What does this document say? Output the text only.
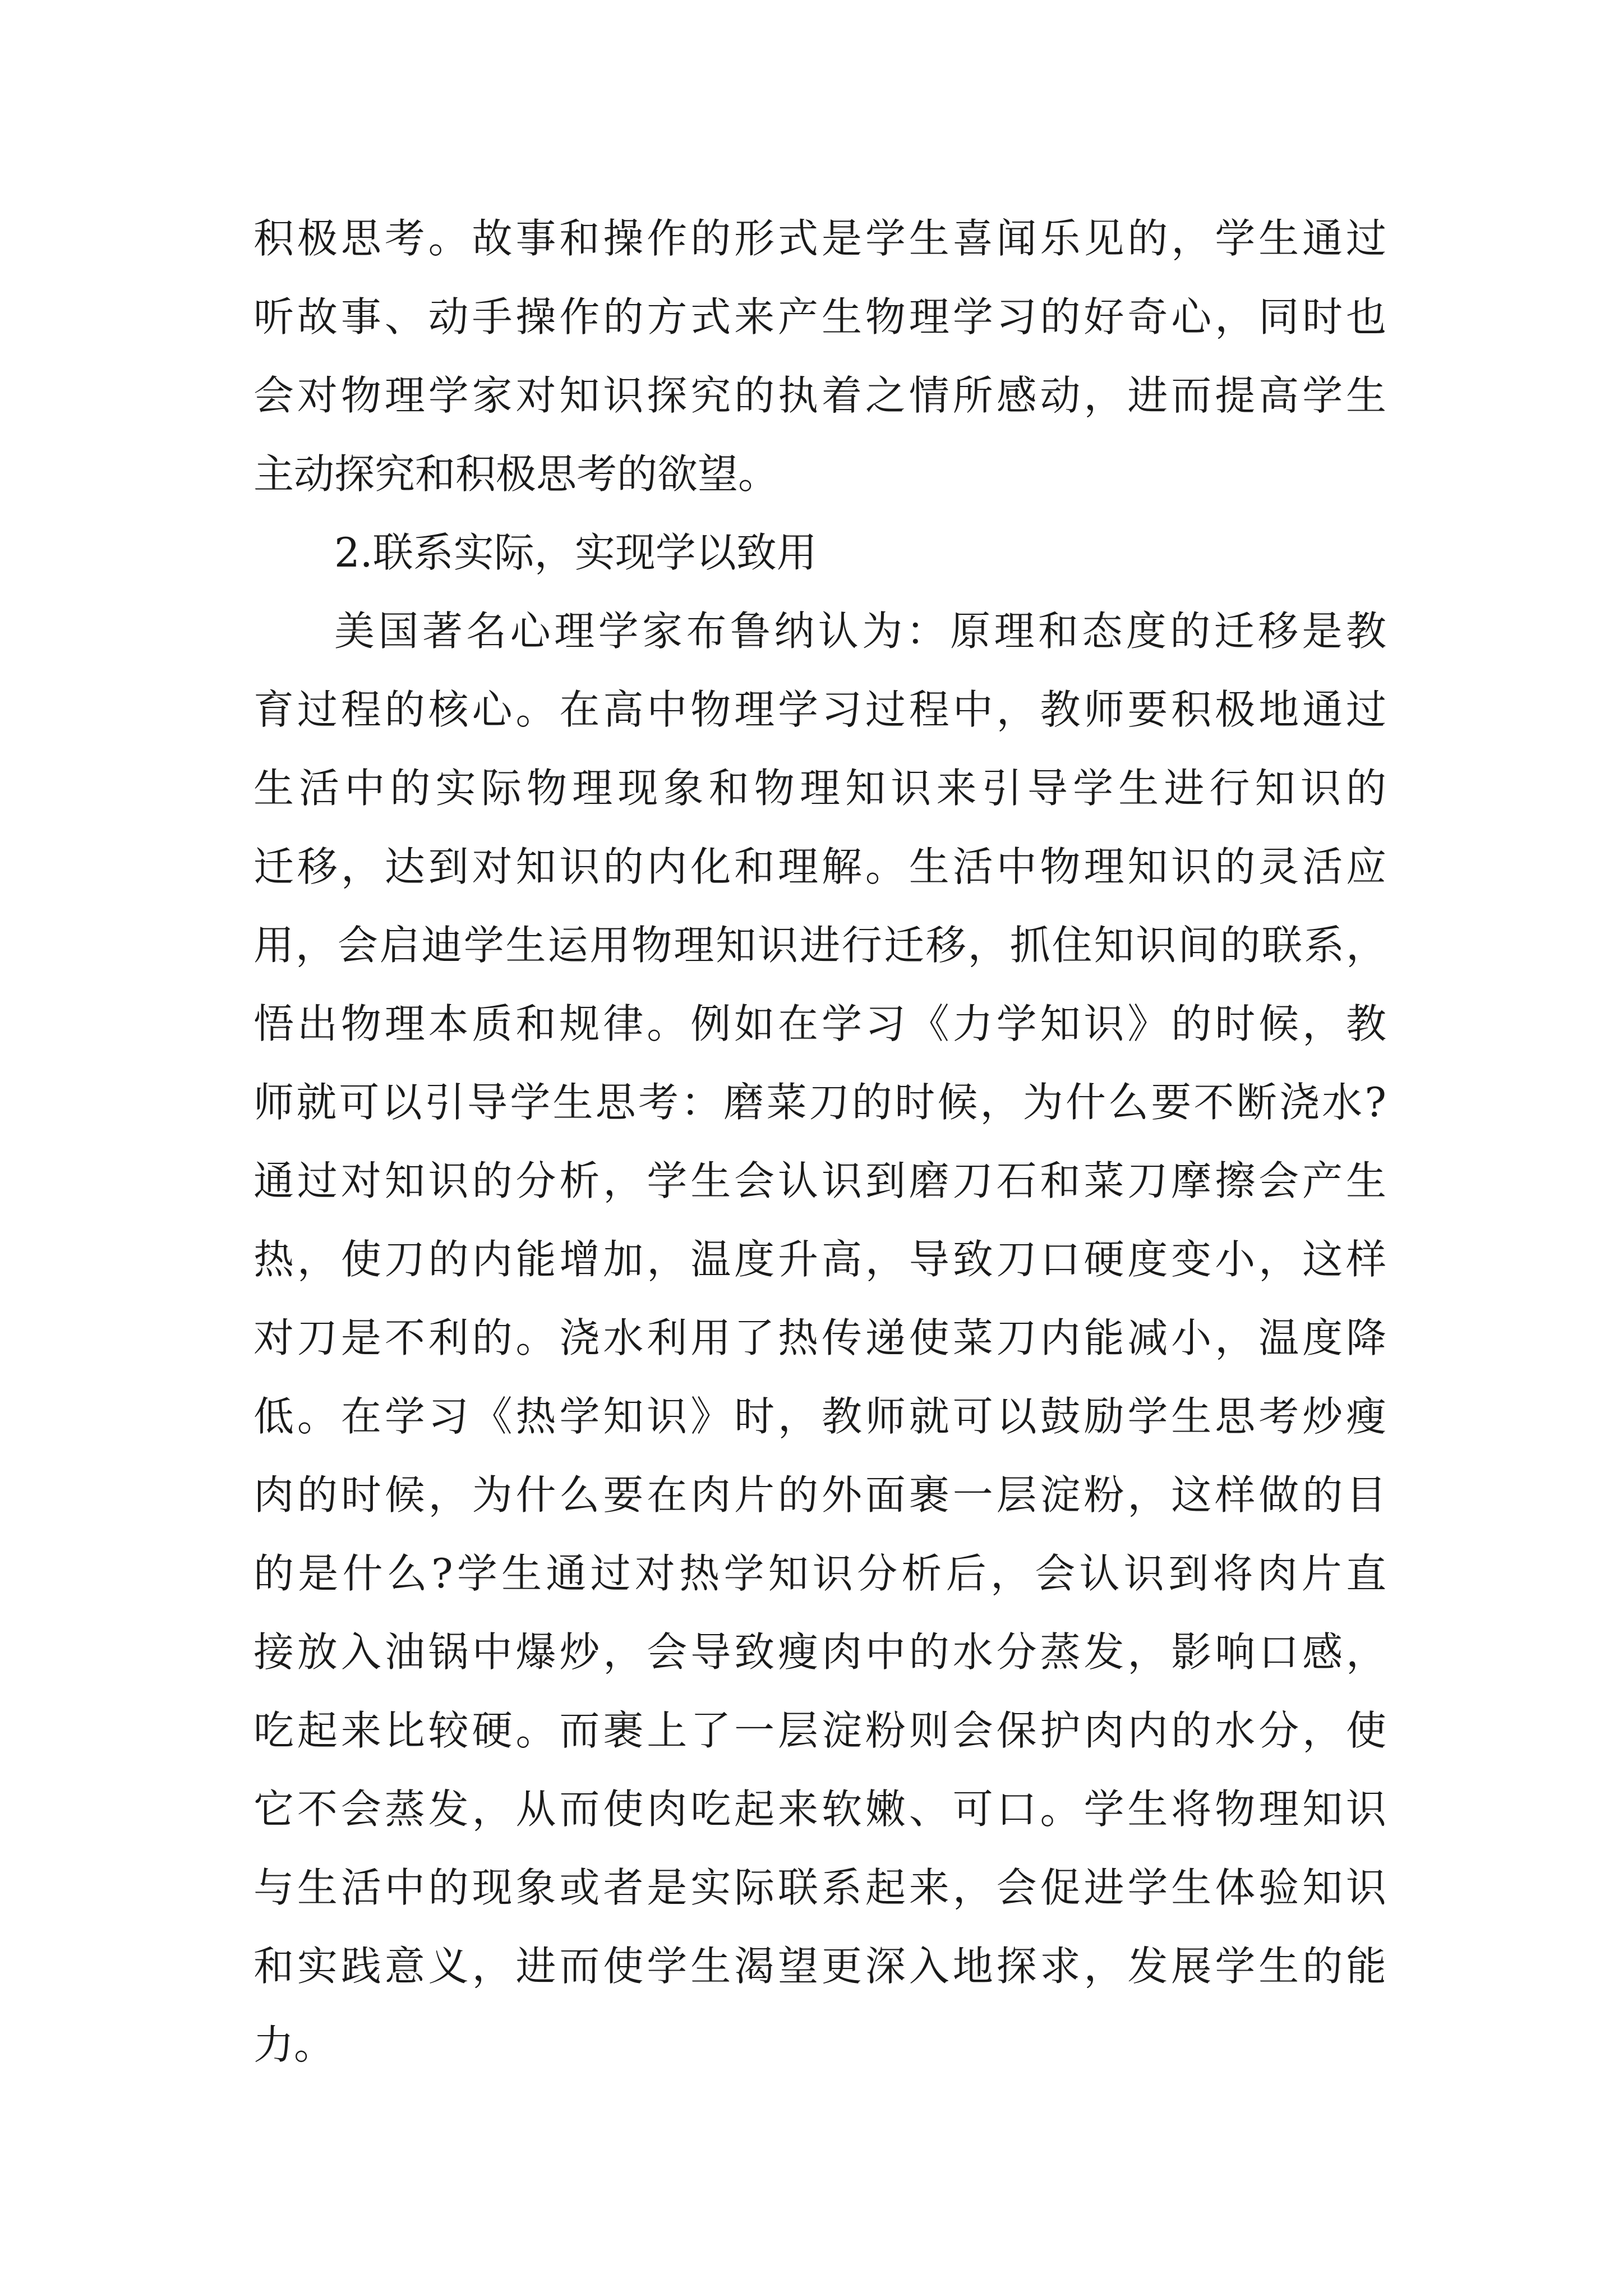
积极思考。故事和操作的形式是学生喜闻乐见的，学生通过

听故事、动手操作的方式来产生物理学习的好奇心，同时也

会对物理学家对知识探究的执着之情所感动，进而提高学生

主动探究和积极思考的欲望。

2.联系实际，实现学以致用

美国著名心理学家布鲁纳认为：原理和态度的迁移是教

育过程的核心。在高中物理学习过程中，教师要积极地通过

生活中的实际物理现象和物理知识来引导学生进行知识的

迁移，达到对知识的内化和理解。生活中物理知识的灵活应

用，会启迪学生运用物理知识进行迁移，抓住知识间的联系，

悟出物理本质和规律。例如在学习《力学知识》的时候，教

师就可以引导学生思考：磨菜刀的时候，为什么要不断浇水?

通过对知识的分析，学生会认识到磨刀石和菜刀摩擦会产生

热，使刀的内能增加，温度升高，导致刀口硬度变小，这样

对刀是不利的。浇水利用了热传递使菜刀内能减小，温度降

低。在学习《热学知识》时，教师就可以鼓励学生思考炒瘦

肉的时候，为什么要在肉片的外面裹一层淀粉，这样做的目

的是什么?学生通过对热学知识分析后，会认识到将肉片直

接放入油锅中爆炒，会导致瘦肉中的水分蒸发，影响口感，

吃起来比较硬。而裹上了一层淀粉则会保护肉内的水分，使

它不会蒸发，从而使肉吃起来软嫩、可口。学生将物理知识

与生活中的现象或者是实际联系起来，会促进学生体验知识

和实践意义，进而使学生渴望更深入地探求，发展学生的能

力。
